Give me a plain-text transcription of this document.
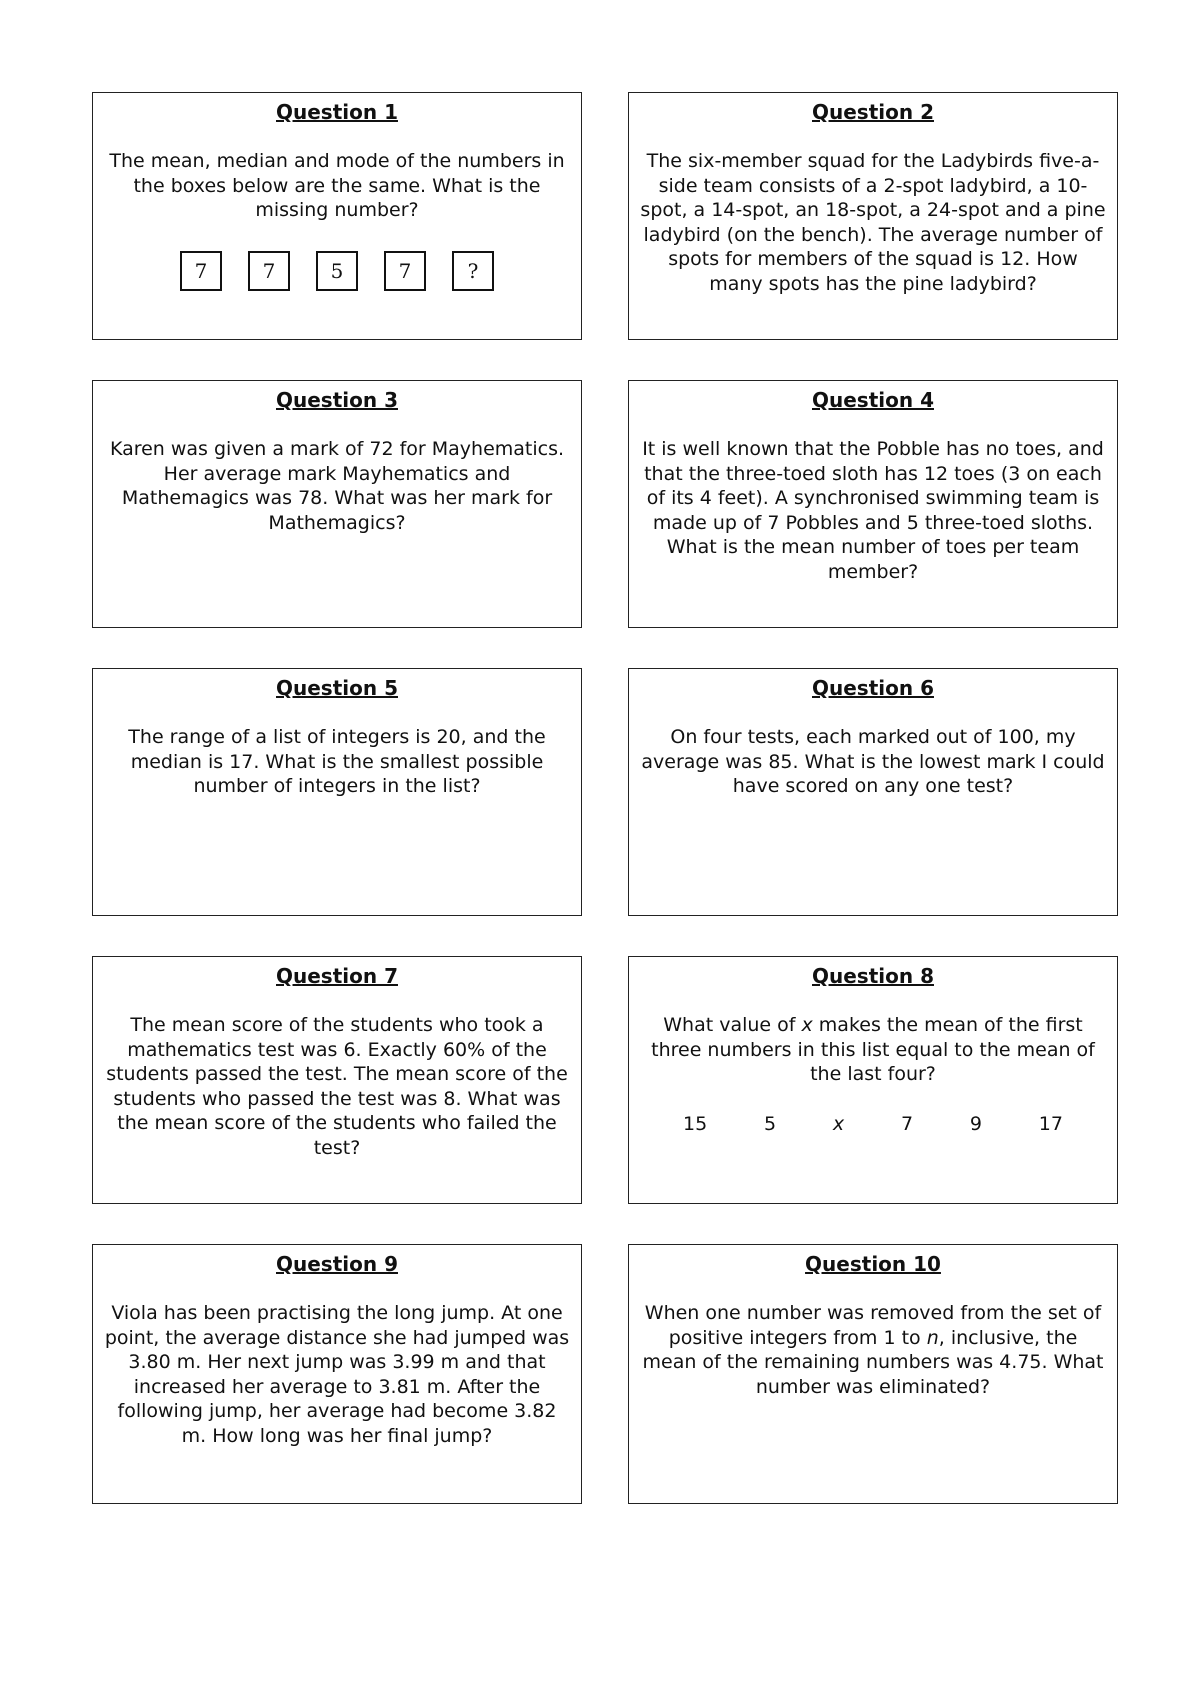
Question 1
The mean, median and mode of the numbers in the boxes below are the same. What is the missing number?
7	7	5	7	?
Question 2
The six-member squad for the Ladybirds five-a-side team consists of a 2-spot ladybird, a 10-spot, a 14-spot, an 18-spot, a 24-spot and a pine ladybird (on the bench). The average number of spots for members of the squad is 12. How many spots has the pine ladybird?
Question 3
Karen was given a mark of 72 for Mayhematics. Her average mark Mayhematics and Mathemagics was 78. What was her mark for Mathemagics?
Question 4
It is well known that the Pobble has no toes, and that the three-toed sloth has 12 toes (3 on each of its 4 feet). A synchronised swimming team is made up of 7 Pobbles and 5 three-toed sloths. What is the mean number of toes per team member?
Question 5
The range of a list of integers is 20, and the median is 17. What is the smallest possible number of integers in the list?
Question 6
On four tests, each marked out of 100, my average was 85. What is the lowest mark I could have scored on any one test?
Question 7
The mean score of the students who took a mathematics test was 6. Exactly 60% of the students passed the test. The mean score of the students who passed the test was 8. What was the mean score of the students who failed the test?
Question 8
What value of x makes the mean of the first three numbers in this list equal to the mean of the last four?
15	5	x	7	9	17
Question 9
Viola has been practising the long jump. At one point, the average distance she had jumped was 3.80 m. Her next jump was 3.99 m and that increased her average to 3.81 m. After the following jump, her average had become 3.82 m. How long was her final jump?
Question 10
When one number was removed from the set of positive integers from 1 to n, inclusive, the mean of the remaining numbers was 4.75. What number was eliminated?
